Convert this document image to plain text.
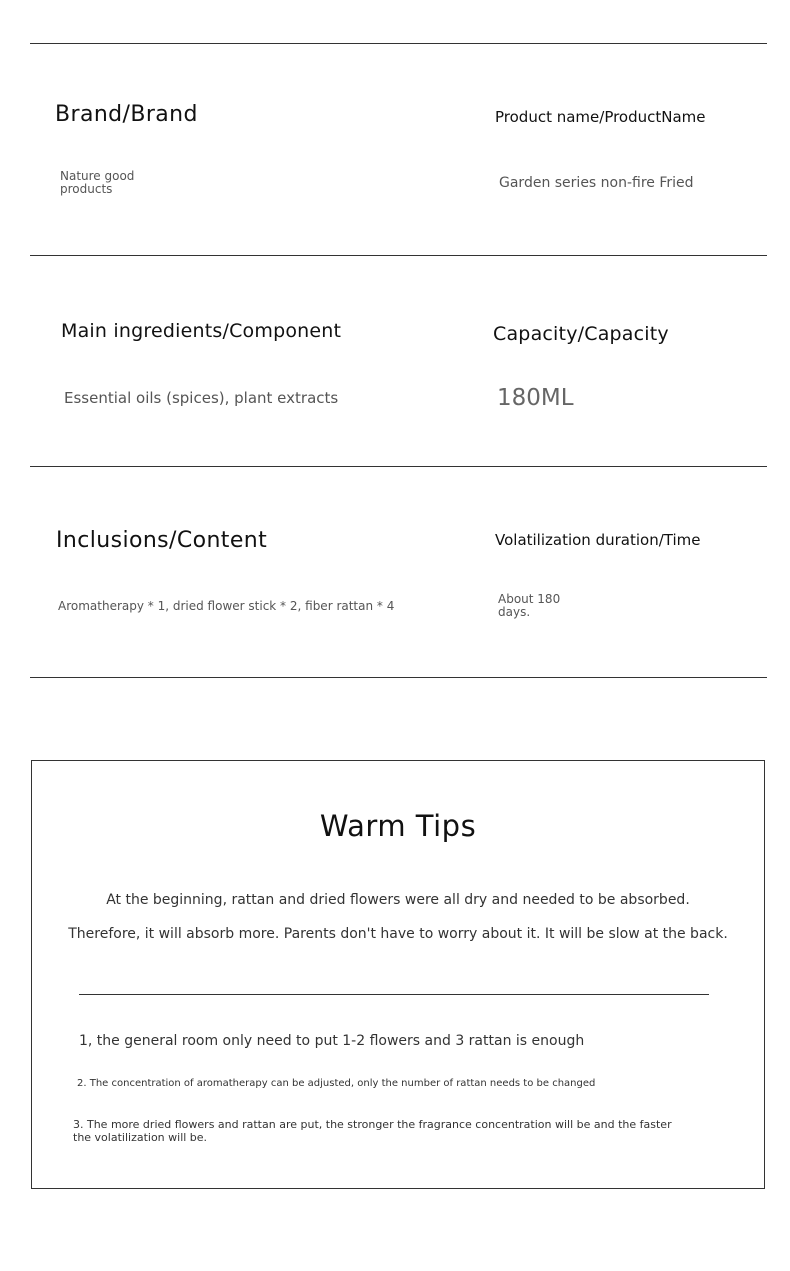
Brand/Brand
Nature good products
Product name/ProductName
Garden series non-fire Fried
Main ingredients/Component
Essential oils (spices), plant extracts
Capacity/Capacity
180ML
Inclusions/Content
Aromatherapy * 1, dried flower stick * 2, fiber rattan * 4
Volatilization duration/Time
About 180 days.
Warm Tips
At the beginning, rattan and dried flowers were all dry and needed to be absorbed.
Therefore, it will absorb more. Parents don't have to worry about it. It will be slow at the back.
1, the general room only need to put 1-2 flowers and 3 rattan is enough
2. The concentration of aromatherapy can be adjusted, only the number of rattan needs to be changed
3. The more dried flowers and rattan are put, the stronger the fragrance concentration will be and the faster the volatilization will be.
